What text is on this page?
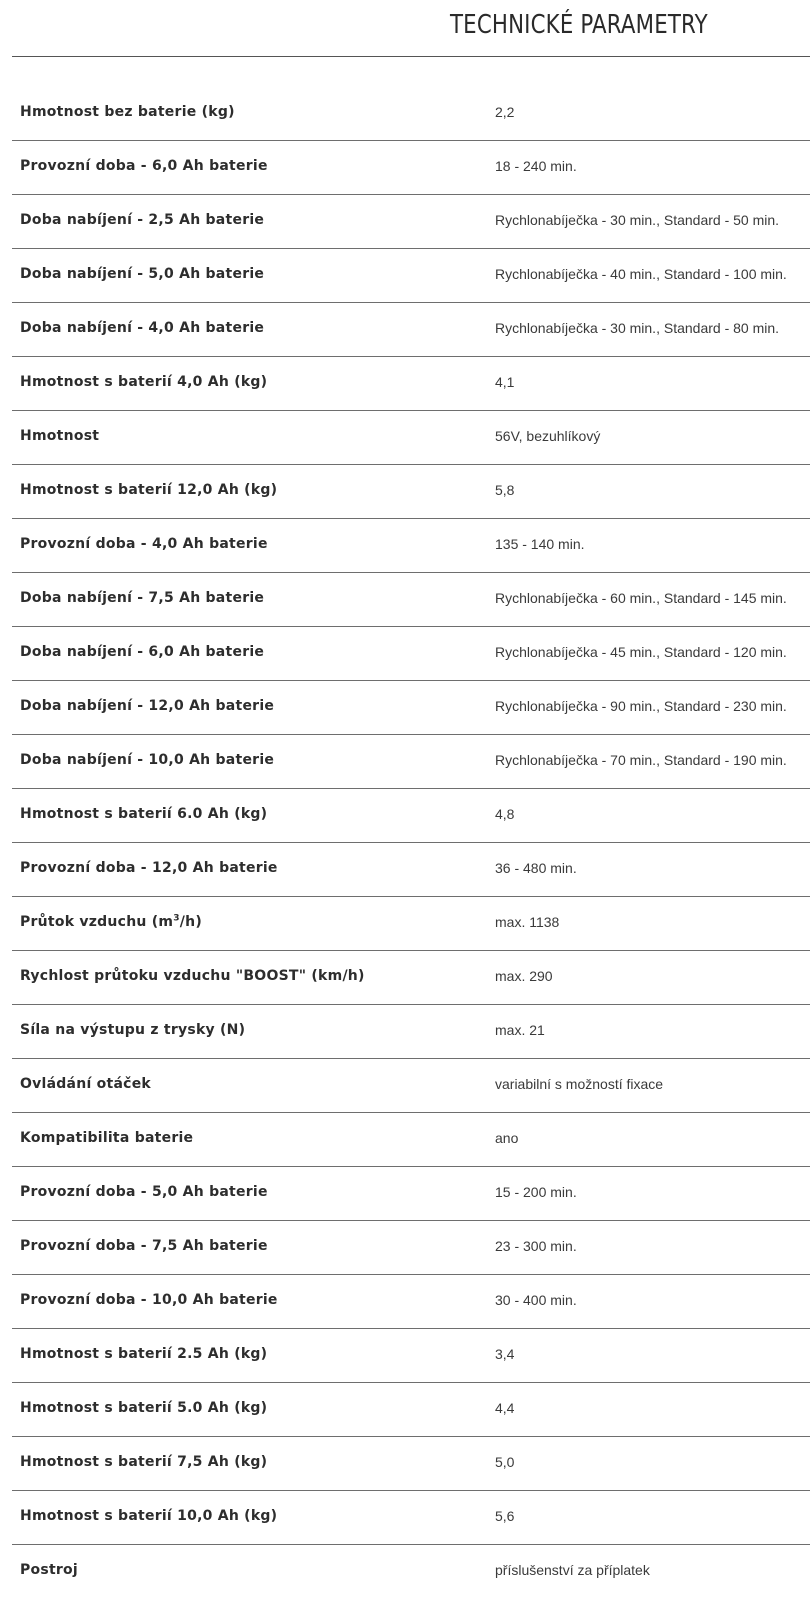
TECHNICKÉ PARAMETRY
Hmotnost bez baterie (kg)	2,2
Provozní doba - 6,0 Ah baterie	18 - 240 min.
Doba nabíjení - 2,5 Ah baterie	Rychlonabíječka - 30 min., Standard - 50 min.
Doba nabíjení - 5,0 Ah baterie	Rychlonabíječka - 40 min., Standard - 100 min.
Doba nabíjení - 4,0 Ah baterie	Rychlonabíječka - 30 min., Standard - 80 min.
Hmotnost s baterií 4,0 Ah (kg)	4,1
Hmotnost	56V, bezuhlíkový
Hmotnost s baterií 12,0 Ah (kg)	5,8
Provozní doba - 4,0 Ah baterie	135 - 140 min.
Doba nabíjení - 7,5 Ah baterie	Rychlonabíječka - 60 min., Standard - 145 min.
Doba nabíjení - 6,0 Ah baterie	Rychlonabíječka - 45 min., Standard - 120 min.
Doba nabíjení - 12,0 Ah baterie	Rychlonabíječka - 90 min., Standard - 230 min.
Doba nabíjení - 10,0 Ah baterie	Rychlonabíječka - 70 min., Standard - 190 min.
Hmotnost s baterií 6.0 Ah (kg)	4,8
Provozní doba - 12,0 Ah baterie	36 - 480 min.
Průtok vzduchu $(m^3/h)$	max. 1138
Rychlost průtoku vzduchu "BOOST" (km/h)	max. 290
Síla na výstupu z trysky (N)	max. 21
Ovládání otáček	variabilní s možností fixace
Kompatibilita baterie	ano
Provozní doba - 5,0 Ah baterie	15 - 200 min.
Provozní doba - 7,5 Ah baterie	23 - 300 min.
Provozní doba - 10,0 Ah baterie	30 - 400 min.
Hmotnost s baterií 2.5 Ah (kg)	3,4
Hmotnost s baterií 5.0 Ah (kg)	4,4
Hmotnost s baterií 7,5 Ah (kg)	5,0
Hmotnost s baterií 10,0 Ah (kg)	5,6
Postroj	příslušenství za příplatek
